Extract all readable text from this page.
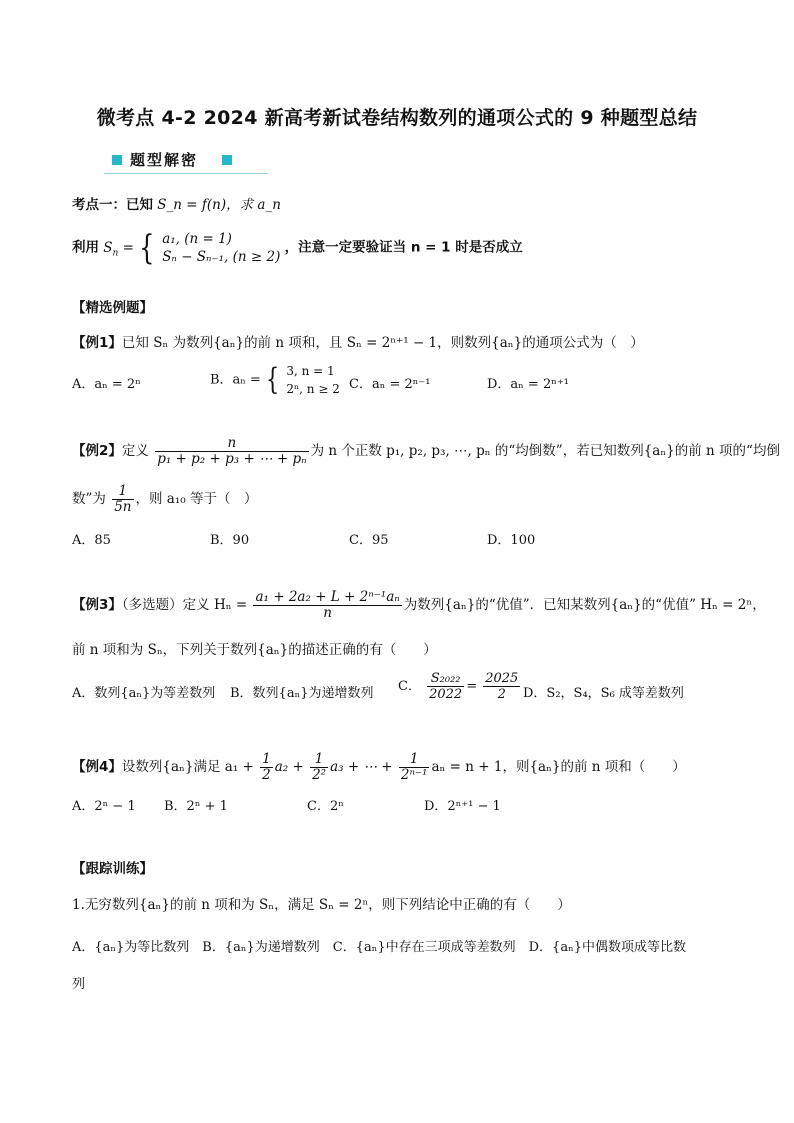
微考点 4-2 2024 新高考新试卷结构数列的通项公式的 9 种题型总结
题型解密
考点一：已知 S_n = f(n)，求 a_n
利用 $S_n$ = { a₁, (n = 1)
Sₙ − Sₙ₋₁, (n ≥ 2) ，注意一定要验证当 n = 1 时是否成立
【精选例题】
【例1】已知 Sₙ 为数列{aₙ}的前 n 项和，且 Sₙ = 2ⁿ⁺¹ − 1，则数列{aₙ}的通项公式为（　）
A．aₙ = 2ⁿ	B．aₙ = { 3, n = 1
2ⁿ, n ≥ 2 C．aₙ = 2ⁿ⁻¹	D．aₙ = 2ⁿ⁺¹
【例2】定义 $\frac{n}{\text{p₁ + p₂ + p₃ + ⋯ + pₙ}}$ 为 n 个正数 p₁, p₂, p₃, ⋯, pₙ 的“均倒数”，若已知数列{aₙ}的前 n 项的“均倒
数”为 $\frac{1}{5n}$ ，则 a₁₀ 等于（　）
A．85	B．90	C．95	D．100
【例3】（多选题）定义 $H_n = \frac{\text{a₁ + 2a₂ + L + 2ⁿ⁻¹aₙ}}{n}$ 为数列{aₙ}的“优值”．已知某数列{aₙ}的“优值” Hₙ = 2ⁿ，
前 n 项和为 Sₙ，下列关于数列{aₙ}的描述正确的有（　　）
A．数列{aₙ}为等差数列 B．数列{aₙ}为递增数列 C． $\frac{\text{S₂₀₂₂}}{2022} = \frac{2025}{2}$ D．S₂，S₄，S₆ 成等差数列
【例4】设数列{aₙ}满足 $a_1 + \frac{1}{2} a_2 + \frac{1}{\text{2²}} a_3$ + ⋯ + $\frac{1}{\text{2ⁿ⁻¹}}$ aₙ = n + 1，则{aₙ}的前 n 项和（　　）
A．2ⁿ − 1 B．2ⁿ + 1	C．2ⁿ	D．2ⁿ⁺¹ − 1
【跟踪训练】
1.无穷数列{aₙ}的前 n 项和为 Sₙ，满足 Sₙ = 2ⁿ，则下列结论中正确的有（　　）
A．{aₙ}为等比数列　B．{aₙ}为递增数列　C．{aₙ}中存在三项成等差数列　D．{aₙ}中偶数项成等比数
列
